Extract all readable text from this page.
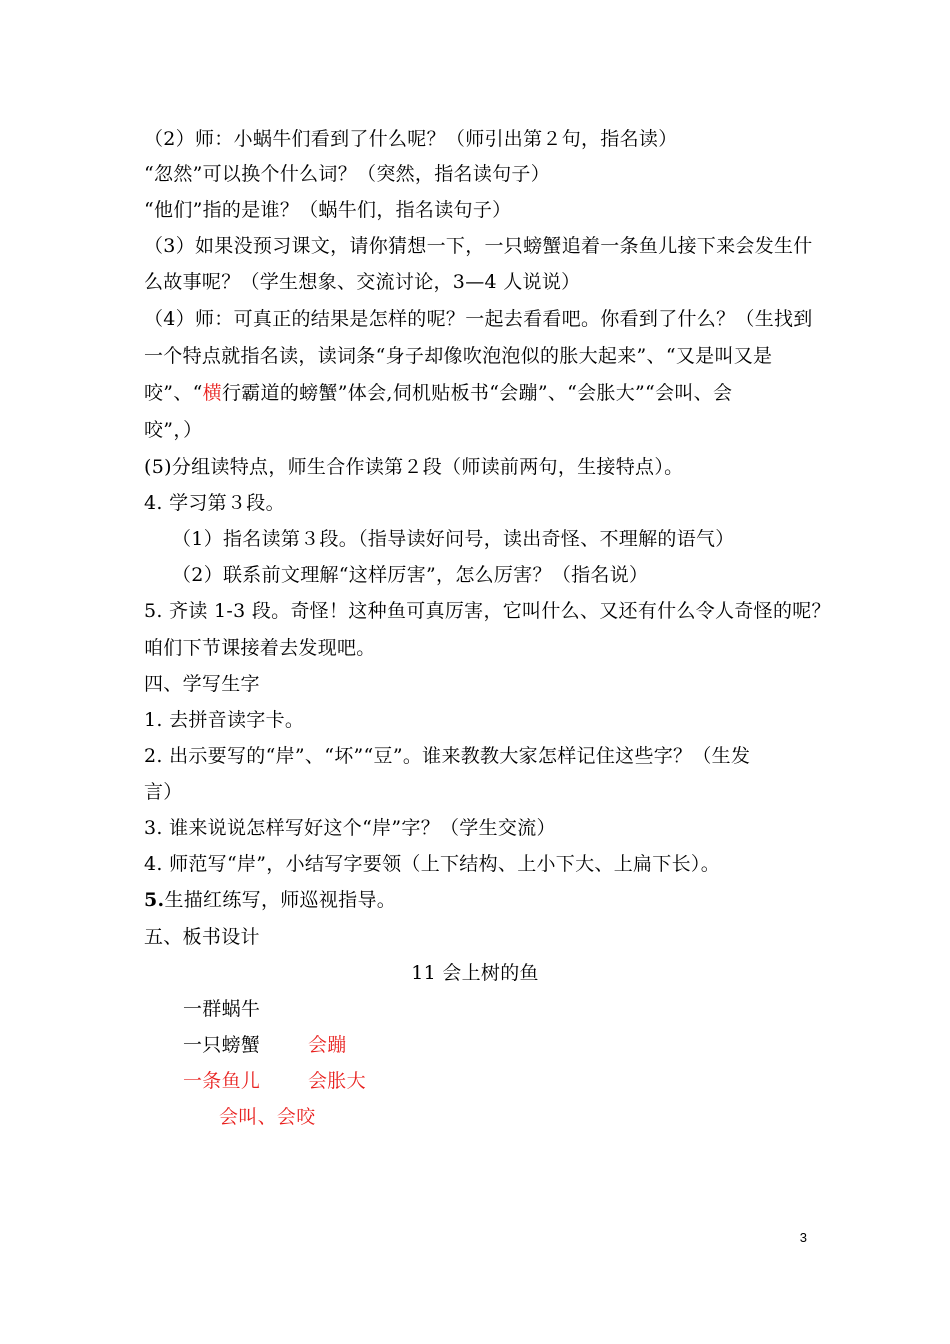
（2）师：小蜗牛们看到了什么呢？（师引出第２句，指名读）
“忽然”可以换个什么词？（突然，指名读句子）
“他们”指的是谁？（蜗牛们，指名读句子）
（3）如果没预习课文，请你猜想一下，一只螃蟹追着一条鱼儿接下来会发生什
么故事呢？（学生想象、交流讨论，3—4 人说说）
（4）师：可真正的结果是怎样的呢？一起去看看吧。你看到了什么？（生找到
一个特点就指名读，读词条“身子却像吹泡泡似的胀大起来”、“又是叫又是
咬”、“横行霸道的螃蟹”体会,伺机贴板书“会蹦”、“会胀大”“会叫、会
咬”，）
(5)分组读特点，师生合作读第２段（师读前两句，生接特点）。
4. 学习第３段。
（1）指名读第３段。（指导读好问号，读出奇怪、不理解的语气）
（2）联系前文理解“这样厉害”，怎么厉害？（指名说）
5. 齐读 1-3 段。奇怪！这种鱼可真厉害，它叫什么、又还有什么令人奇怪的呢？
咱们下节课接着去发现吧。
四、学写生字
1. 去拼音读字卡。
2. 出示要写的“岸”、“坏”“豆”。谁来教教大家怎样记住这些字？（生发
言）
3. 谁来说说怎样写好这个“岸”字？（学生交流）
4. 师范写“岸”，小结写字要领（上下结构、上小下大、上扁下长）。
5.生描红练写，师巡视指导。
五、板书设计
11 会上树的鱼
一群蜗牛
一只螃蟹	会蹦
一条鱼儿	会胀大
会叫、会咬
3
